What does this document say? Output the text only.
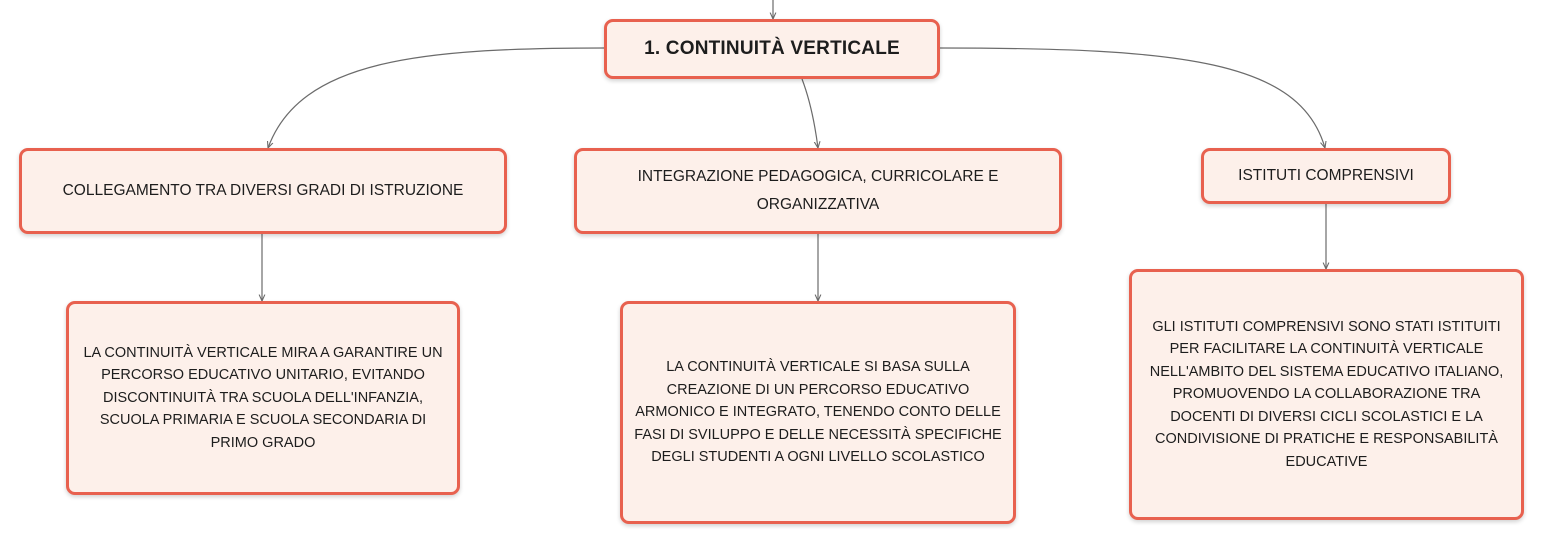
1. CONTINUITÀ VERTICALE
COLLEGAMENTO TRA DIVERSI GRADI DI ISTRUZIONE
INTEGRAZIONE PEDAGOGICA, CURRICOLARE E ORGANIZZATIVA
ISTITUTI COMPRENSIVI
LA CONTINUITÀ VERTICALE MIRA A GARANTIRE UN PERCORSO EDUCATIVO UNITARIO, EVITANDO DISCONTINUITÀ TRA SCUOLA DELL'INFANZIA, SCUOLA PRIMARIA E SCUOLA SECONDARIA DI PRIMO GRADO
LA CONTINUITÀ VERTICALE SI BASA SULLA CREAZIONE DI UN PERCORSO EDUCATIVO ARMONICO E INTEGRATO, TENENDO CONTO DELLE FASI DI SVILUPPO E DELLE NECESSITÀ SPECIFICHE DEGLI STUDENTI A OGNI LIVELLO SCOLASTICO
GLI ISTITUTI COMPRENSIVI SONO STATI ISTITUITI PER FACILITARE LA CONTINUITÀ VERTICALE NELL'AMBITO DEL SISTEMA EDUCATIVO ITALIANO, PROMUOVENDO LA COLLABORAZIONE TRA DOCENTI DI DIVERSI CICLI SCOLASTICI E LA CONDIVISIONE DI PRATICHE E RESPONSABILITÀ EDUCATIVE
